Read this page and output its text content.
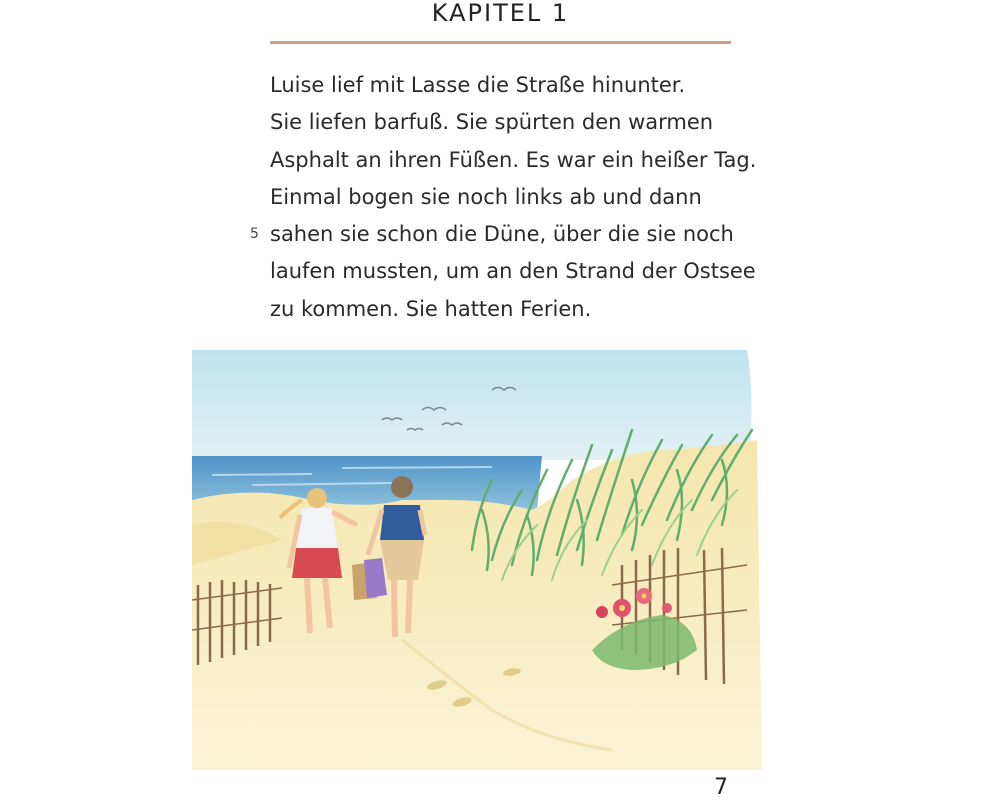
KAPITEL 1
Luise lief mit Lasse die Straße hinunter.
Sie liefen barfuß. Sie spürten den warmen
Asphalt an ihren Füßen. Es war ein heißer Tag.
Einmal bogen sie noch links ab und dann
5 sahen sie schon die Düne, über die sie noch
laufen mussten, um an den Strand der Ostsee
zu kommen. Sie hatten Ferien.
7
